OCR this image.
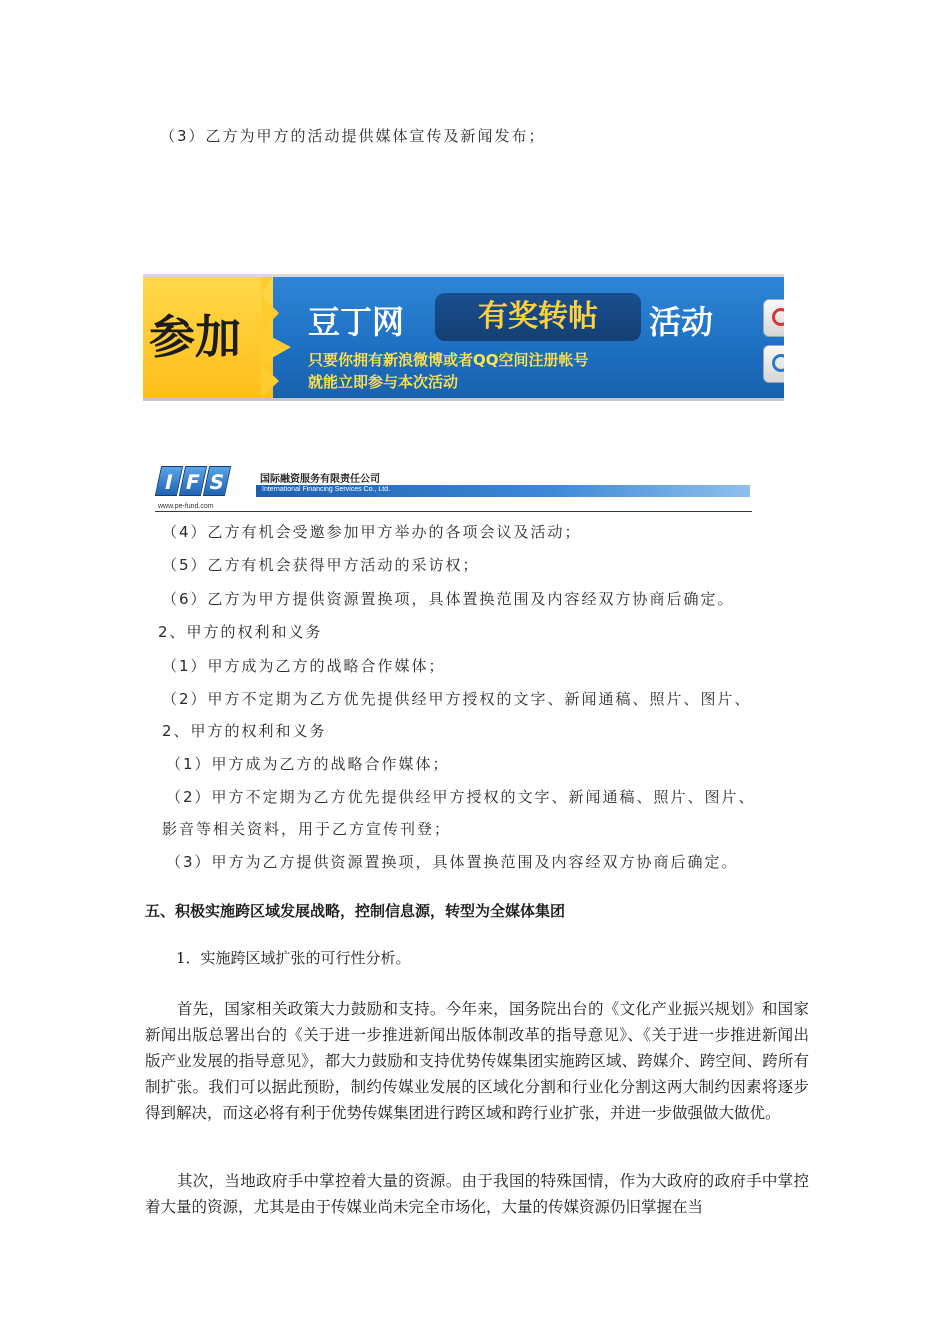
（3）乙方为甲方的活动提供媒体宣传及新闻发布；
参加	豆丁网	有奖转帖	活动
只要你拥有新浪微博或者QQ空间注册帐号
就能立即参与本次活动
I F S
www.pe-fund.com
国际融资服务有限责任公司
International Financing Services Co., Ltd.
（4）乙方有机会受邀参加甲方举办的各项会议及活动；
（5）乙方有机会获得甲方活动的采访权；
（6）乙方为甲方提供资源置换项，具体置换范围及内容经双方协商后确定。
2、甲方的权利和义务
（1）甲方成为乙方的战略合作媒体；
（2）甲方不定期为乙方优先提供经甲方授权的文字、新闻通稿、照片、图片、
2、甲方的权利和义务
（1）甲方成为乙方的战略合作媒体；
（2）甲方不定期为乙方优先提供经甲方授权的文字、新闻通稿、照片、图片、
影音等相关资料，用于乙方宣传刊登；
（3）甲方为乙方提供资源置换项，具体置换范围及内容经双方协商后确定。
五、积极实施跨区域发展战略，控制信息源，转型为全媒体集团
1．实施跨区域扩张的可行性分析。
首先，国家相关政策大力鼓励和支持。今年来，国务院出台的《文化产业振兴规划》和国家新闻出版总署出台的《关于进一步推进新闻出版体制改革的指导意见》、《关于进一步推进新闻出版产业发展的指导意见》，都大力鼓励和支持优势传媒集团实施跨区域、跨媒介、跨空间、跨所有制扩张。我们可以据此预盼，制约传媒业发展的区域化分割和行业化分割这两大制约因素将逐步得到解决，而这必将有利于优势传媒集团进行跨区域和跨行业扩张，并进一步做强做大做优。
其次，当地政府手中掌控着大量的资源。由于我国的特殊国情，作为大政府的政府手中掌控着大量的资源，尤其是由于传媒业尚未完全市场化，大量的传媒资源仍旧掌握在当
